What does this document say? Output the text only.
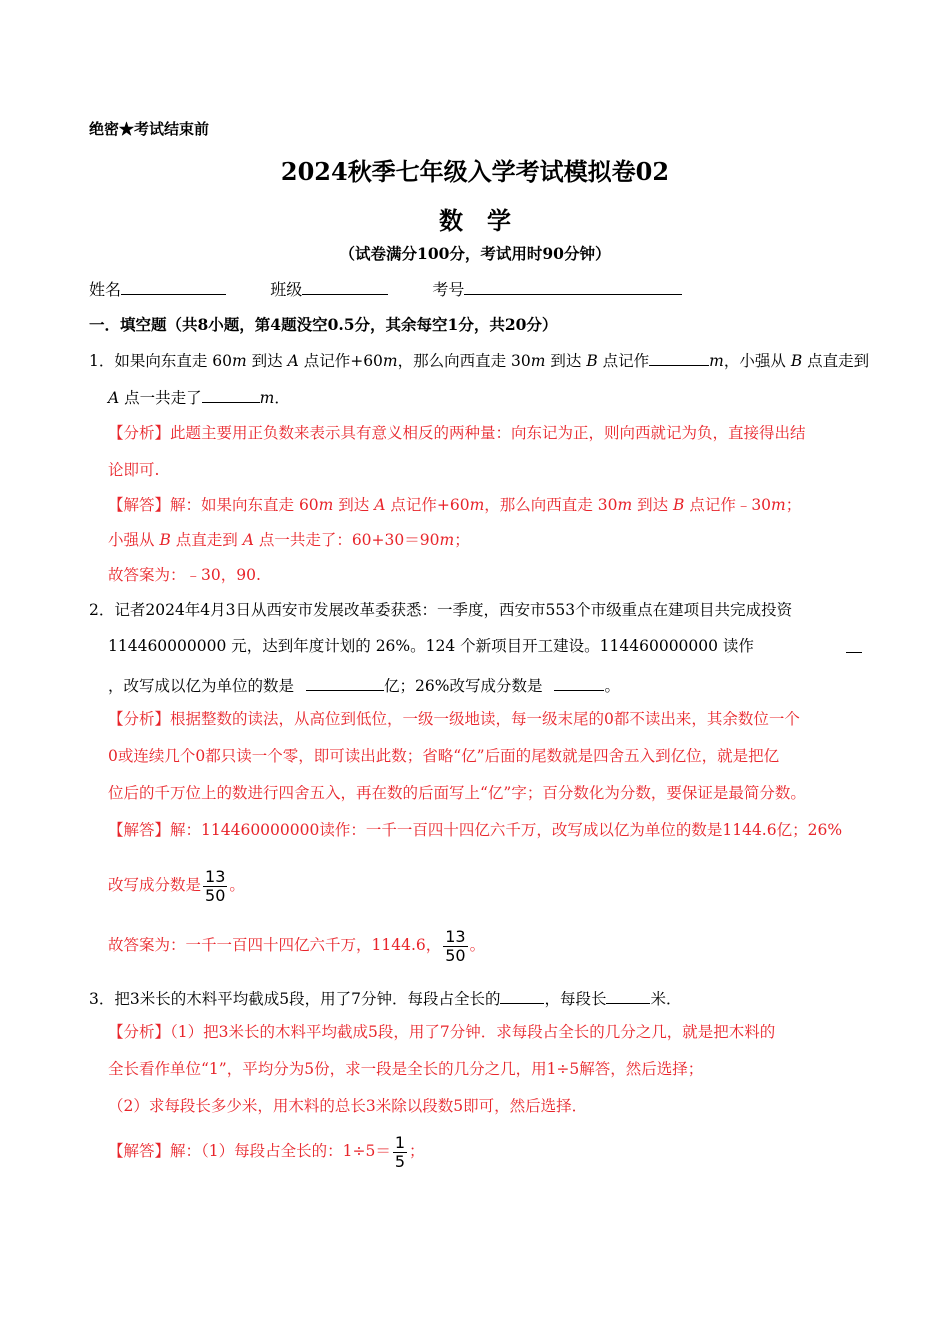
绝密★考试结束前
2024秋季七年级入学考试模拟卷02
数　学
（试卷满分100分，考试用时90分钟）
姓名	班级	考号
一．填空题（共8小题，第4题没空0.5分，其余每空1分，共20分）
1．如果向东直走 60m 到达 A 点记作+60m，那么向西直走 30m 到达 B 点记作	m，小强从 B 点直走到
A 点一共走了	m．
【分析】此题主要用正负数来表示具有意义相反的两种量：向东记为正，则向西就记为负，直接得出结
论即可.
【解答】解：如果向东直走 60m 到达 A 点记作+60m，那么向西直走 30m 到达 B 点记作﹣30m；
小强从 B 点直走到 A 点一共走了：60+30＝90m；
故答案为：﹣30，90.
2．记者2024年4月3日从西安市发展改革委获悉：一季度，西安市553个市级重点在建项目共完成投资
114460000000 元，达到年度计划的 26%。124 个新项目开工建设。114460000000 读作
，改写成以亿为单位的数是	亿；26%改写成分数是	。
【分析】根据整数的读法，从高位到低位，一级一级地读，每一级末尾的0都不读出来，其余数位一个
0或连续几个0都只读一个零，即可读出此数；省略“亿”后面的尾数就是四舍五入到亿位，就是把亿
位后的千万位上的数进行四舍五入，再在数的后面写上“亿”字；百分数化为分数，要保证是最简分数。
【解答】解：114460000000读作：一千一百四十四亿六千万，改写成以亿为单位的数是1144.6亿；26%
改写成分数是 $\frac{13}{50}$ 。
故答案为：一千一百四十四亿六千万，1144.6， $\frac{13}{50}$ 。
3．把3米长的木料平均截成5段，用了7分钟．每段占全长的	，每段长	米．
【分析】（1）把3米长的木料平均截成5段，用了7分钟．求每段占全长的几分之几，就是把木料的
全长看作单位“1”，平均分为5份，求一段是全长的几分之几，用1÷5解答，然后选择；
（2）求每段长多少米，用木料的总长3米除以段数5即可，然后选择．
【解答】解：（1）每段占全长的：$1\div 5= \frac{1}{5}$ ；
